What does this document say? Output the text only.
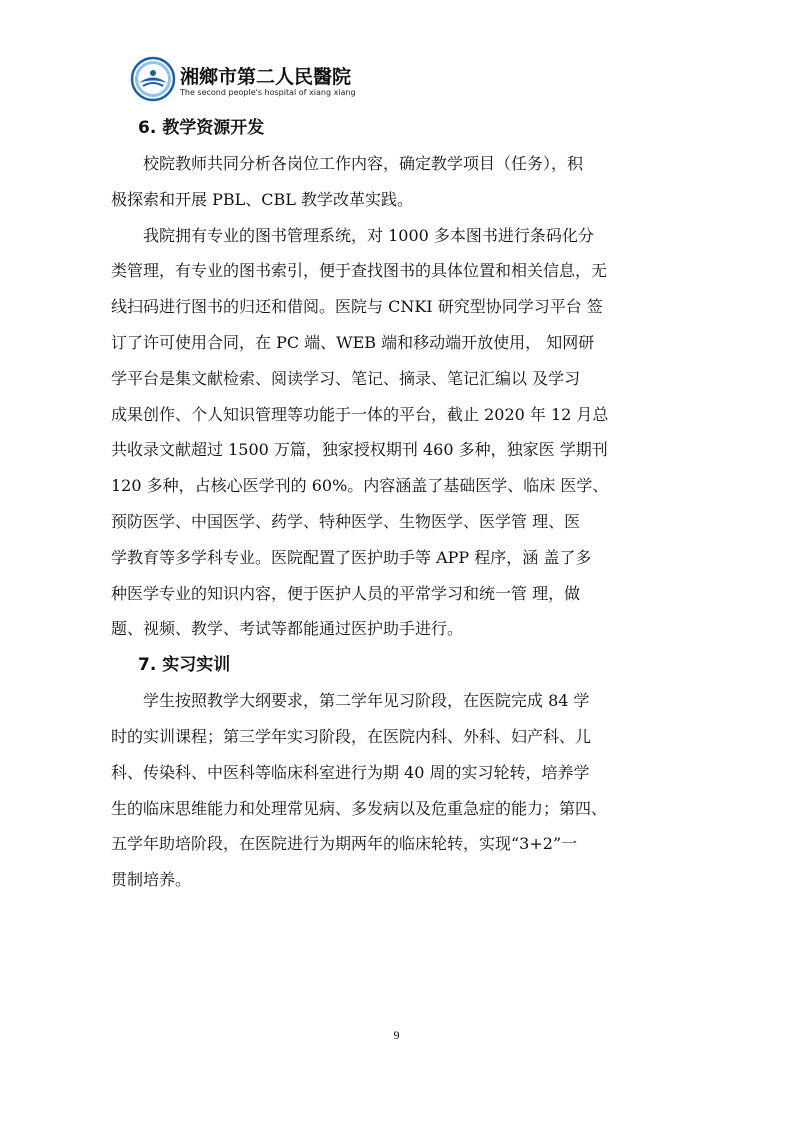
湘鄉市第二人民醫院
The second people's hospital of xiang xiang
6. 教学资源开发

　　校院教师共同分析各岗位工作内容，确定教学项目（任务），积
极探索和开展 PBL、CBL 教学改革实践。

　　我院拥有专业的图书管理系统，对 1000 多本图书进行条码化分
类管理，有专业的图书索引，便于查找图书的具体位置和相关信息，无
线扫码进行图书的归还和借阅。医院与 CNKI 研究型协同学习平台 签
订了许可使用合同，在 PC 端、WEB 端和移动端开放使用， 知网研
学平台是集文献检索、阅读学习、笔记、摘录、笔记汇编以 及学习
成果创作、个人知识管理等功能于一体的平台，截止 2020 年 12 月总
共收录文献超过 1500 万篇，独家授权期刊 460 多种，独家医 学期刊
120 多种，占核心医学刊的 60%。内容涵盖了基础医学、临床 医学、
预防医学、中国医学、药学、特种医学、生物医学、医学管 理、医
学教育等多学科专业。医院配置了医护助手等 APP 程序，涵 盖了多
种医学专业的知识内容，便于医护人员的平常学习和统一管 理，做
题、视频、教学、考试等都能通过医护助手进行。

7. 实习实训

　　学生按照教学大纲要求，第二学年见习阶段，在医院完成 84 学
时的实训课程；第三学年实习阶段，在医院内科、外科、妇产科、儿
科、传染科、中医科等临床科室进行为期 40 周的实习轮转，培养学
生的临床思维能力和处理常见病、多发病以及危重急症的能力；第四、
五学年助培阶段，在医院进行为期两年的临床轮转，实现“3+2”一
贯制培养。

9
